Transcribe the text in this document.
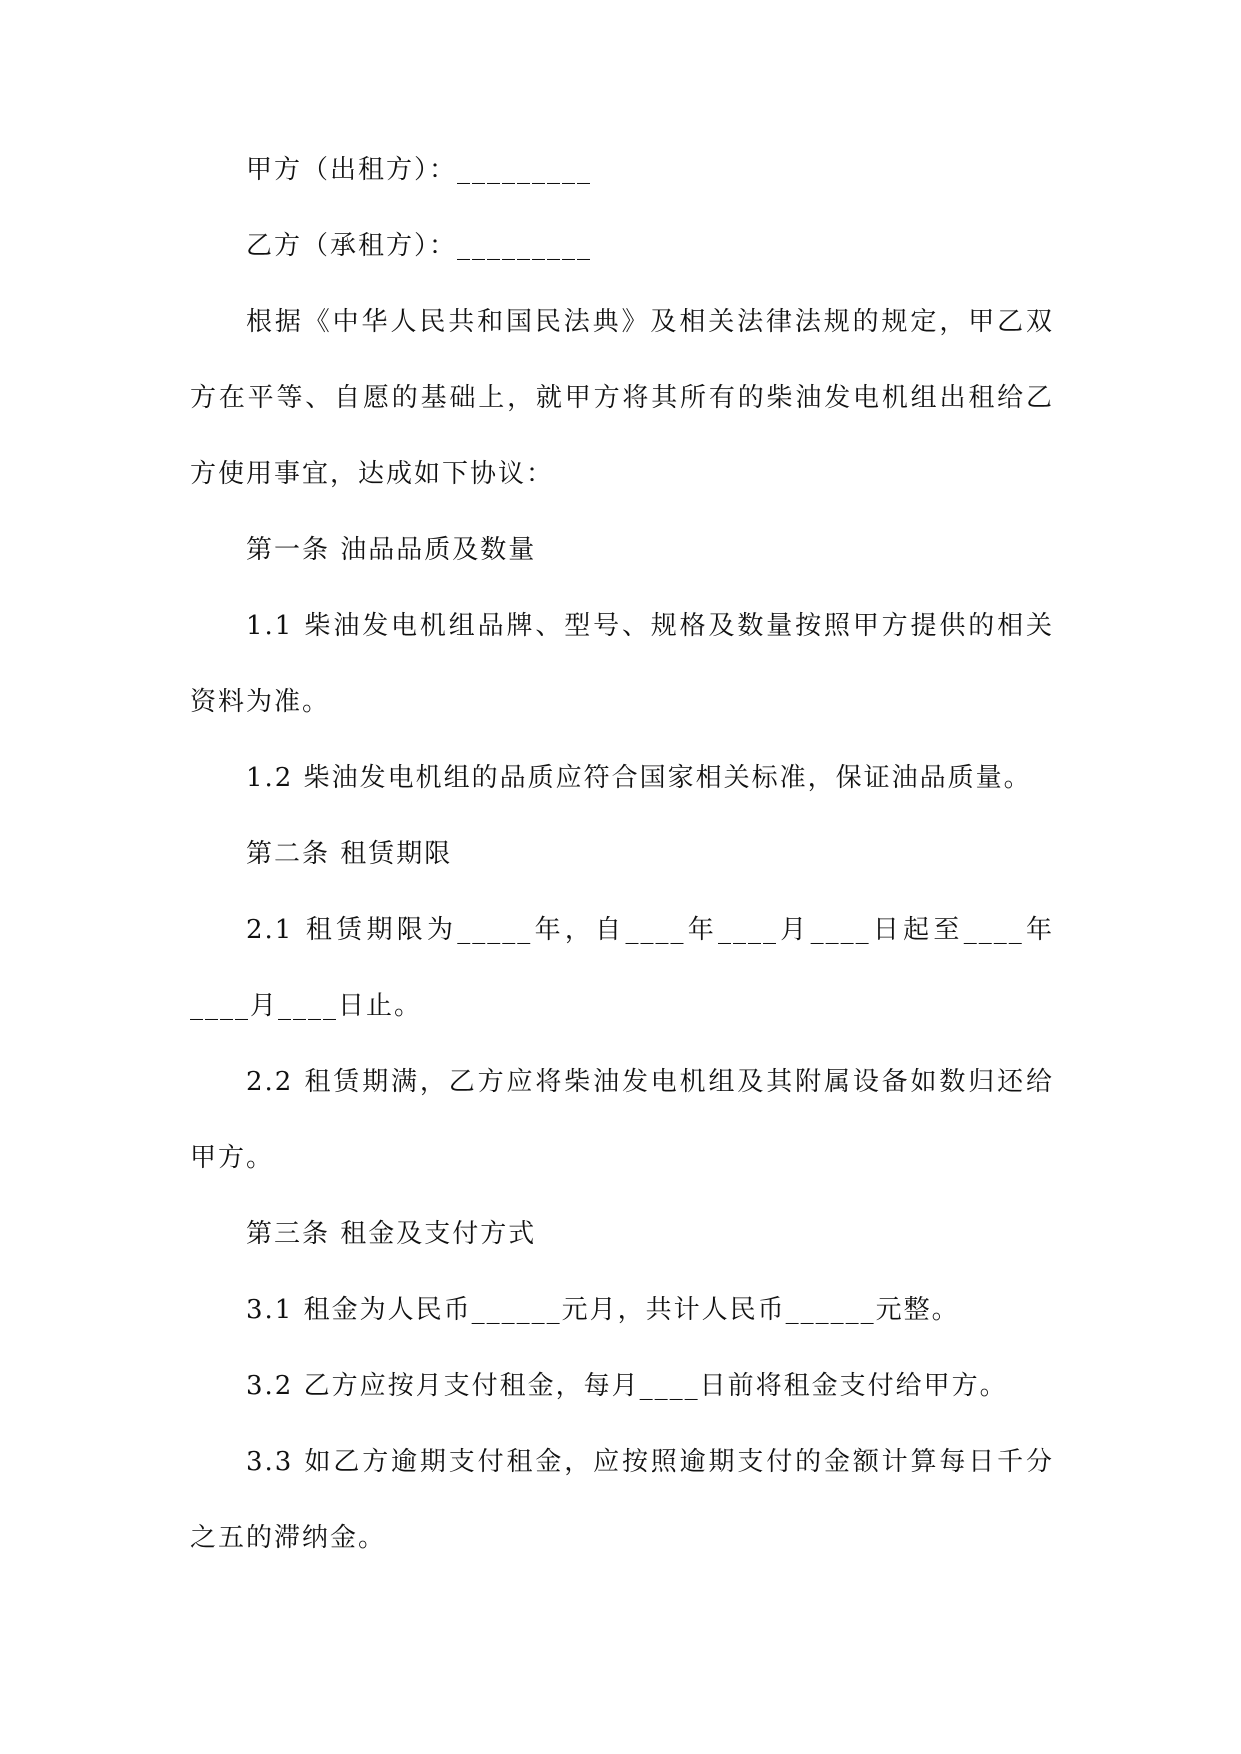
甲方（出租方）：_________

乙方（承租方）：_________

根据《中华人民共和国民法典》及相关法律法规的规定，甲乙双方在平等、自愿的基础上，就甲方将其所有的柴油发电机组出租给乙方使用事宜，达成如下协议：

第一条 油品品质及数量

1.1 柴油发电机组品牌、型号、规格及数量按照甲方提供的相关资料为准。

1.2 柴油发电机组的品质应符合国家相关标准，保证油品质量。

第二条 租赁期限

2.1 租赁期限为_____年，自____年____月____日起至____年____月____日止。

2.2 租赁期满，乙方应将柴油发电机组及其附属设备如数归还给甲方。

第三条 租金及支付方式

3.1 租金为人民币______元月，共计人民币______元整。

3.2 乙方应按月支付租金，每月____日前将租金支付给甲方。

3.3 如乙方逾期支付租金，应按照逾期支付的金额计算每日千分之五的滞纳金。
